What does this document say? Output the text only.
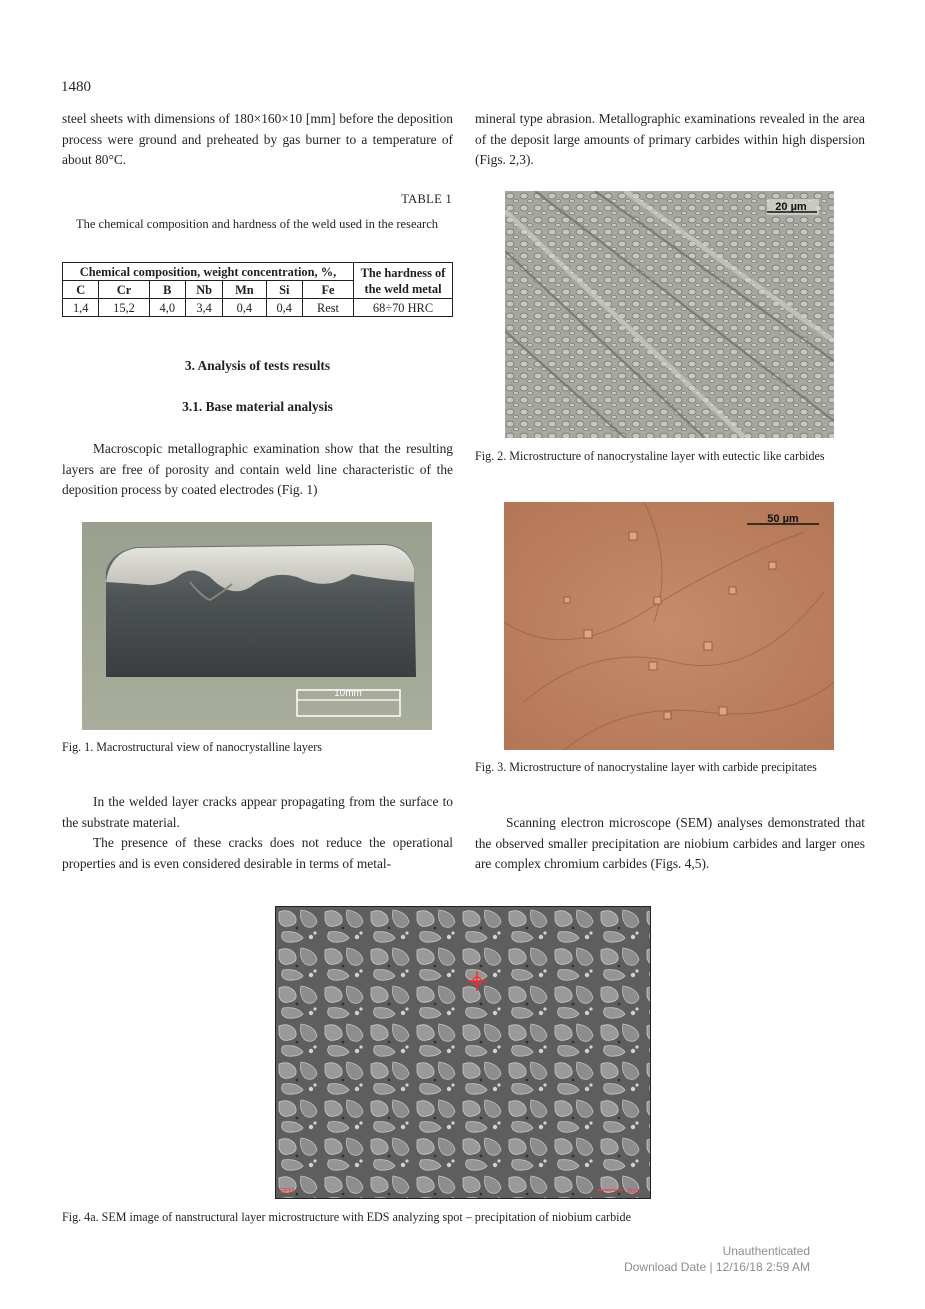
1480

steel sheets with dimensions of 180×160×10 [mm] before the deposition process were ground and preheated by gas burner to a temperature of about 80°C.

TABLE 1
The chemical composition and hardness of the weld used in the research
Chemical composition, weight concentration, %,							The hardness of the weld metal
C	Cr	B	Nb	Mn	Si	Fe	
1,4	15,2	4,0	3,4	0,4	0,4	Rest	68÷70 HRC
3. Analysis of tests results
3.1. Base material analysis

Macroscopic metallographic examination show that the resulting layers are free of porosity and contain weld line characteristic of the deposition process by coated electrodes (Fig. 1)

10mm
Fig. 1. Macrostructural view of nanocrystalline layers

In the welded layer cracks appear propagating from the surface to the substrate material.

The presence of these cracks does not reduce the operational properties and is even considered desirable in terms of metal-

mineral type abrasion. Metallographic examinations revealed in the area of the deposit large amounts of primary carbides within high dispersion (Figs. 2,3).

20 µm
Fig. 2. Microstructure of nanocrystaline layer with eutectic like carbides
50 µm
Fig. 3. Microstructure of nanocrystaline layer with carbide precipitates

Scanning electron microscope (SEM) analyses demonstrated that the observed smaller precipitation are niobium carbides and larger ones are complex chromium carbides (Figs. 4,5).

SEM	2um
Fig. 4a. SEM image of nanstructural layer microstructure with EDS analyzing spot – precipitation of niobium carbide
Unauthenticated
Download Date | 12/16/18 2:59 AM
